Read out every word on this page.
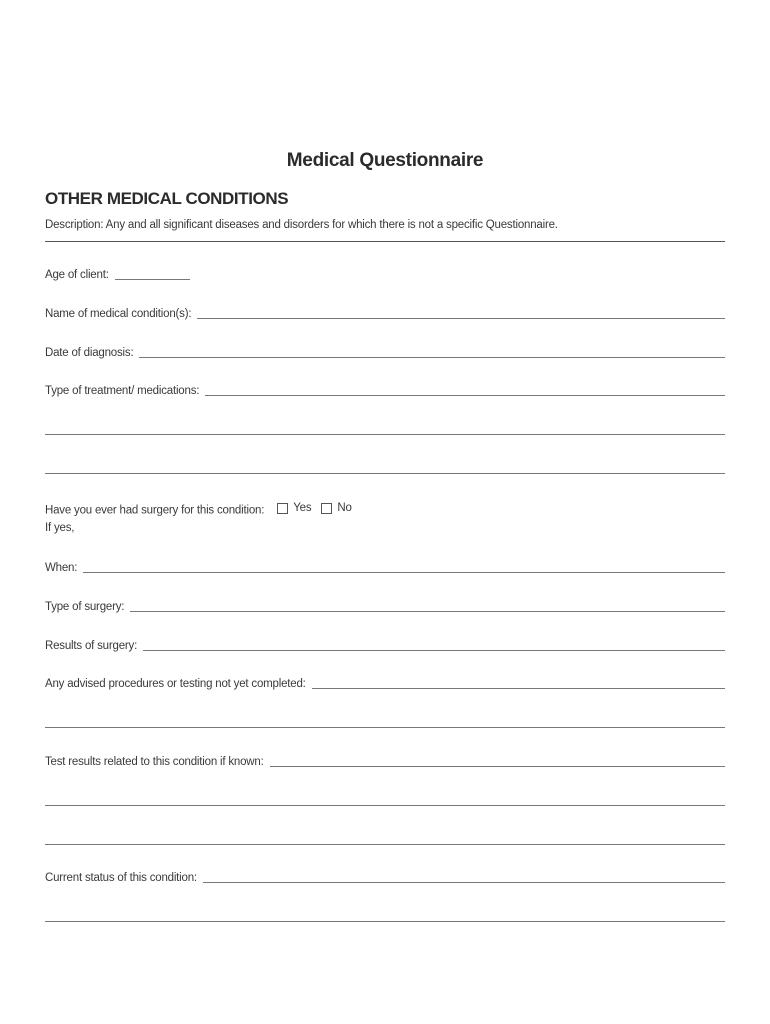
Medical Questionnaire
OTHER MEDICAL CONDITIONS
Description: Any and all significant diseases and disorders for which there is not a specific Questionnaire.
Age of client:
Name of medical condition(s):
Date of diagnosis:
Type of treatment/ medications:
Have you ever had surgery for this condition:	Yes No
If yes,
When:
Type of surgery:
Results of surgery:
Any advised procedures or testing not yet completed:
Test results related to this condition if known:
Current status of this condition:
